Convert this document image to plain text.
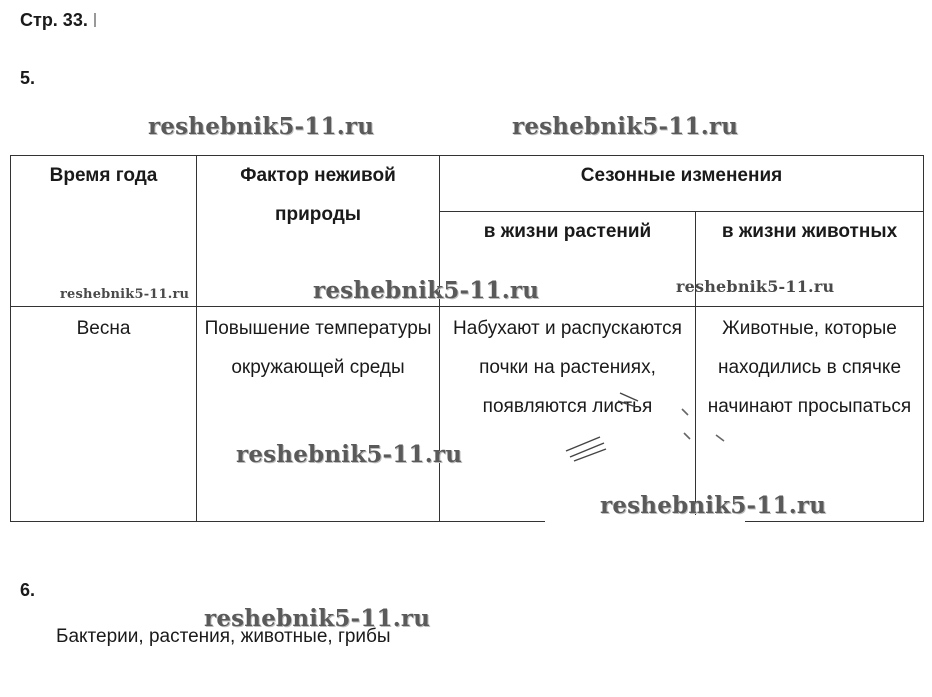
Стр. 33.
5.
Время года	Фактор неживой природы	Сезонные изменения	
		в жизни растений	в жизни животных
Весна	Повышение температуры окружающей среды	Набухают и распускаются почки на растениях, появляются листья	Животные, которые находились в спячке начинают просыпаться
reshebnik5-11.ru	reshebnik5-11.ru
reshebnik5-11.ru	reshebnik5-11.ru	reshebnik5-11.ru
reshebnik5-11.ru
reshebnik5-11.ru
reshebnik5-11.ru
6.
Бактерии, растения, животные, грибы
